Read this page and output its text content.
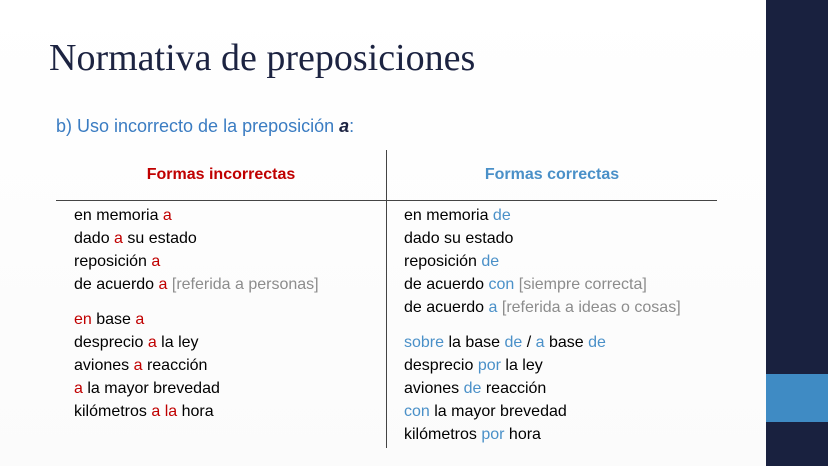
Normativa de preposiciones
b) Uso incorrecto de la preposición a:
Formas incorrectas	Formas correctas
en memoria a
dado a su estado
reposición a
de acuerdo a [referida a personas]
en base a
desprecio a la ley
aviones a reacción
a la mayor brevedad
kilómetros a la hora
en memoria de
dado su estado
reposición de
de acuerdo con [siempre correcta]
de acuerdo a [referida a ideas o cosas]
sobre la base de / a base de
desprecio por la ley
aviones de reacción
con la mayor brevedad
kilómetros por hora
